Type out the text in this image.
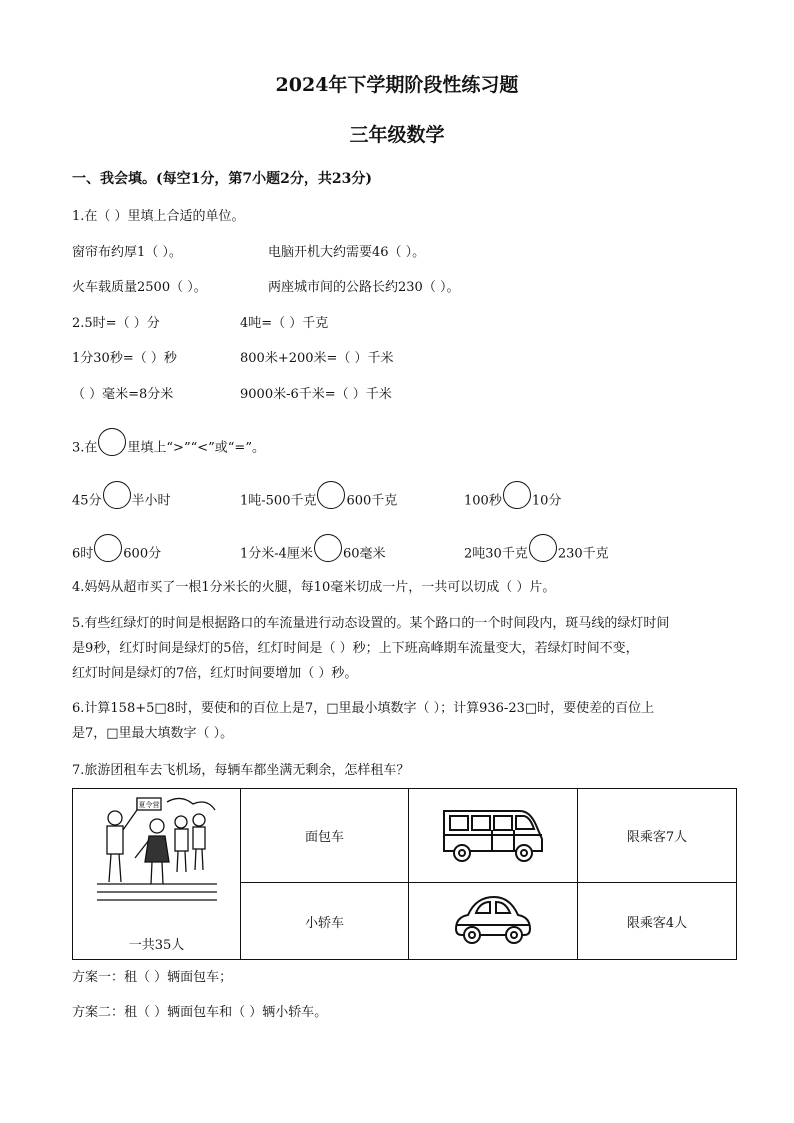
2024年下学期阶段性练习题
三年级数学
一、我会填。(每空1分，第7小题2分，共23分)
1.在（ ）里填上合适的单位。
窗帘布约厚1（ ）。	电脑开机大约需要46（ ）。
火车载质量2500（ ）。	两座城市间的公路长约230（ ）。
2.5时=（ ）分	4吨=（ ）千克
1分30秒=（ ）秒	800米+200米=（ ）千米
（ ）毫米=8分米	9000米-6千米=（ ）千米
3.在 里填上“>”“<”或“=”。
45分 半小时	1吨-500千克 600千克	100秒 10分
6时 600分	1分米-4厘米 60毫米	2吨30千克 230千克
4.妈妈从超市买了一根1分米长的火腿，每10毫米切成一片，一共可以切成（ ）片。
5.有些红绿灯的时间是根据路口的车流量进行动态设置的。某个路口的一个时间段内，斑马线的绿灯时间
是9秒，红灯时间是绿灯的5倍，红灯时间是（ ）秒；上下班高峰期车流量变大，若绿灯时间不变，
红灯时间是绿灯的7倍，红灯时间要增加（ ）秒。
6.计算158+5□8时，要使和的百位上是7，□里最小填数字（ ）；计算936-23□时，要使差的百位上
是7，□里最大填数字（ ）。
7.旅游团租车去飞机场，每辆车都坐满无剩余，怎样租车？
夏令营
一共35人	面包车		限乘客7人
	小轿车		限乘客4人
方案一：租（ ）辆面包车；
方案二：租（ ）辆面包车和（ ）辆小轿车。
